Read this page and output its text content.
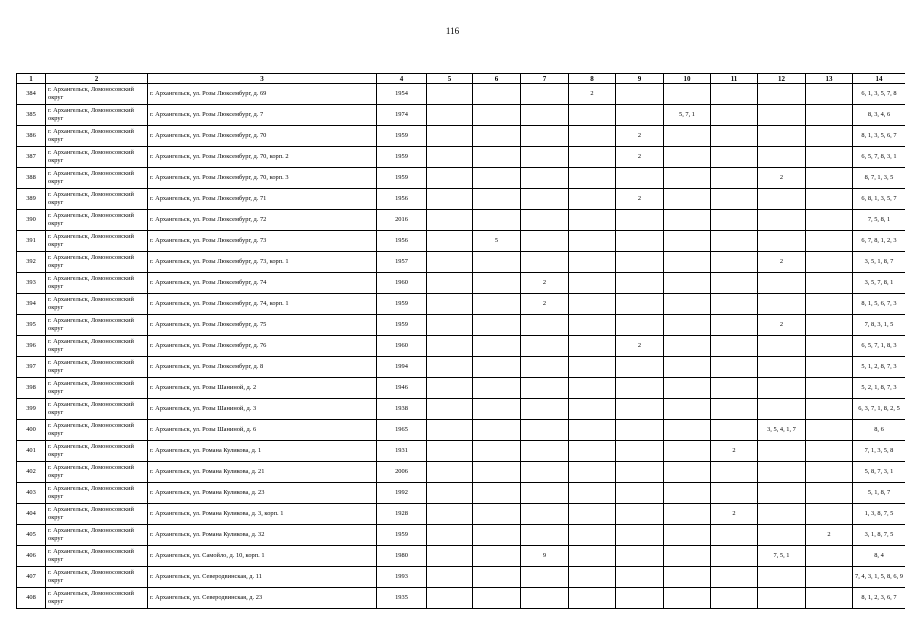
116
1	2	3	4	5	6	7	8	9	10	11	12	13	14
384	г. Архангельск, Ломоносовский округ	г. Архангельск, ул. Розы Люксембург, д. 69	1954				2						6, 1, 3, 5, 7, 8
385	г. Архангельск, Ломоносовский округ	г. Архангельск, ул. Розы Люксембург, д. 7	1974						5, 7, 1				8, 3, 4, 6
386	г. Архангельск, Ломоносовский округ	г. Архангельск, ул. Розы Люксембург, д. 70	1959					2					8, 1, 3, 5, 6, 7
387	г. Архангельск, Ломоносовский округ	г. Архангельск, ул. Розы Люксембург, д. 70, корп. 2	1959					2					6, 5, 7, 8, 3, 1
388	г. Архангельск, Ломоносовский округ	г. Архангельск, ул. Розы Люксембург, д. 70, корп. 3	1959								2		8, 7, 1, 3, 5
389	г. Архангельск, Ломоносовский округ	г. Архангельск, ул. Розы Люксембург, д. 71	1956					2					6, 8, 1, 3, 5, 7
390	г. Архангельск, Ломоносовский округ	г. Архангельск, ул. Розы Люксембург, д. 72	2016										7, 5, 8, 1
391	г. Архангельск, Ломоносовский округ	г. Архангельск, ул. Розы Люксембург, д. 73	1956		5								6, 7, 8, 1, 2, 3
392	г. Архангельск, Ломоносовский округ	г. Архангельск, ул. Розы Люксембург, д. 73, корп. 1	1957								2		3, 5, 1, 8, 7
393	г. Архангельск, Ломоносовский округ	г. Архангельск, ул. Розы Люксембург, д. 74	1960			2							3, 5, 7, 8, 1
394	г. Архангельск, Ломоносовский округ	г. Архангельск, ул. Розы Люксембург, д. 74, корп. 1	1959			2							8, 1, 5, 6, 7, 3
395	г. Архангельск, Ломоносовский округ	г. Архангельск, ул. Розы Люксембург, д. 75	1959								2		7, 8, 3, 1, 5
396	г. Архангельск, Ломоносовский округ	г. Архангельск, ул. Розы Люксембург, д. 76	1960					2					6, 5, 7, 1, 8, 3
397	г. Архангельск, Ломоносовский округ	г. Архангельск, ул. Розы Люксембург, д. 8	1994										5, 1, 2, 8, 7, 3
398	г. Архангельск, Ломоносовский округ	г. Архангельск, ул. Розы Шаниной, д. 2	1946										5, 2, 1, 8, 7, 3
399	г. Архангельск, Ломоносовский округ	г. Архангельск, ул. Розы Шаниной, д. 3	1938										6, 3, 7, 1, 8, 2, 5
400	г. Архангельск, Ломоносовский округ	г. Архангельск, ул. Розы Шаниной, д. 6	1965								3, 5, 4, 1, 7		8, 6
401	г. Архангельск, Ломоносовский округ	г. Архангельск, ул. Романа Куликова, д. 1	1931							2			7, 1, 3, 5, 8
402	г. Архангельск, Ломоносовский округ	г. Архангельск, ул. Романа Куликова, д. 21	2006										5, 8, 7, 3, 1
403	г. Архангельск, Ломоносовский округ	г. Архангельск, ул. Романа Куликова, д. 23	1992										5, 1, 8, 7
404	г. Архангельск, Ломоносовский округ	г. Архангельск, ул. Романа Куликова, д. 3, корп. 1	1928							2			1, 3, 8, 7, 5
405	г. Архангельск, Ломоносовский округ	г. Архангельск, ул. Романа Куликова, д. 32	1959									2	3, 1, 8, 7, 5
406	г. Архангельск, Ломоносовский округ	г. Архангельск, ул. Самойло, д. 10, корп. 1	1980			9					7, 5, 1		8, 4
407	г. Архангельск, Ломоносовский округ	г. Архангельск, ул. Северодвинская, д. 11	1993										7, 4, 3, 1, 5, 8, 6, 9
408	г. Архангельск, Ломоносовский округ	г. Архангельск, ул. Северодвинская, д. 23	1935										8, 1, 2, 3, 6, 7
